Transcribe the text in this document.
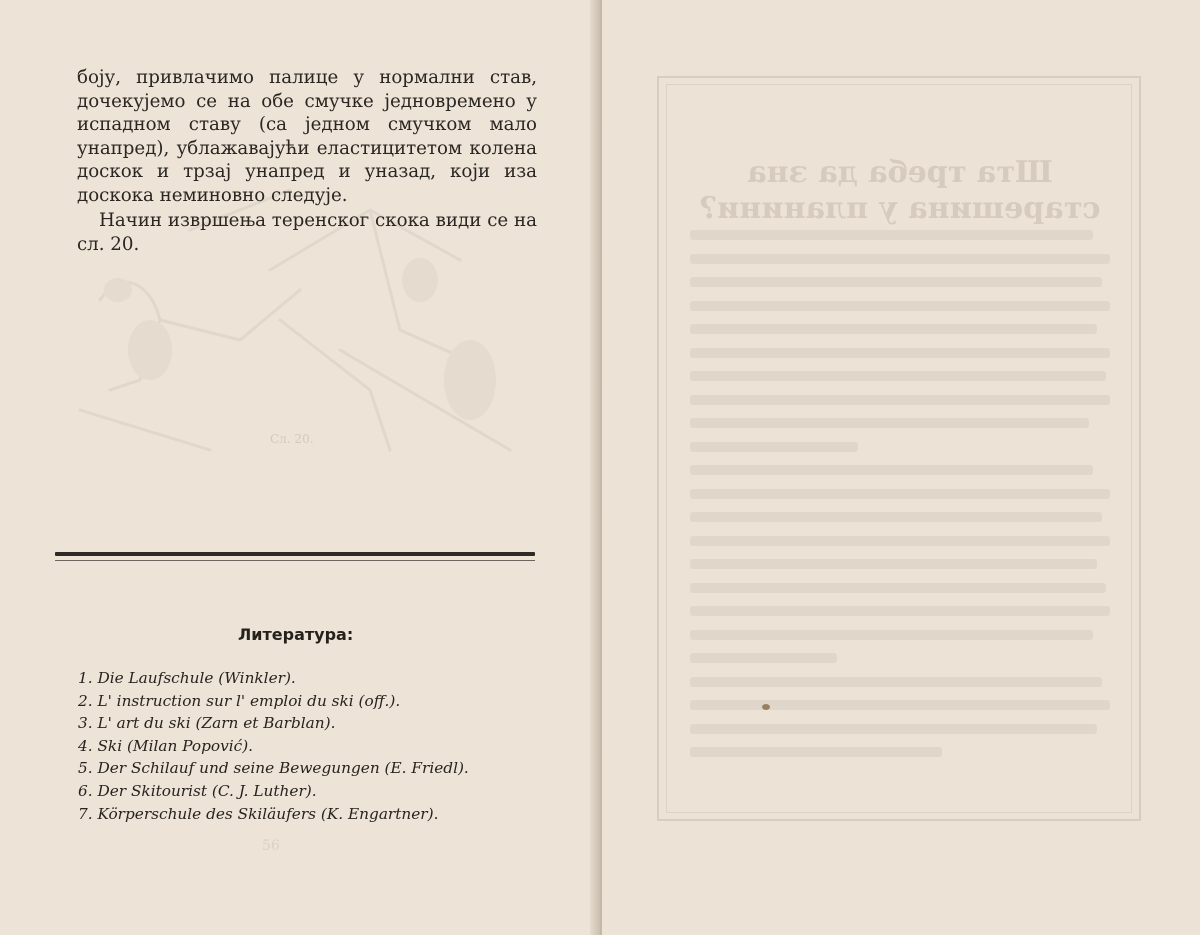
Сл. 20.

боју, привлачимо палице у нормални став, дочекујемо се на обе смучке једновремено у испадном ставу (са једном смучком мало унапред), ублажавајући еластицитетом колена доскок и трзај унапред и уназад, који иза доскока неминовно следује.

Начин извршења теренског скока види се на сл. 20.

Литература:
1. Die Laufschule (Winkler).
2. L' instruction sur l' emploi du ski (off.).
3. L' art du ski (Zarn et Barblan).
4. Ski (Milan Popović).
5. Der Schilauf und seine Bewegungen (E. Friedl).
6. Der Skitourist (C. J. Luther).
7. Körperschule des Skiläufers (K. Engartner).
56
Шта треба да зна старешина у планини?
